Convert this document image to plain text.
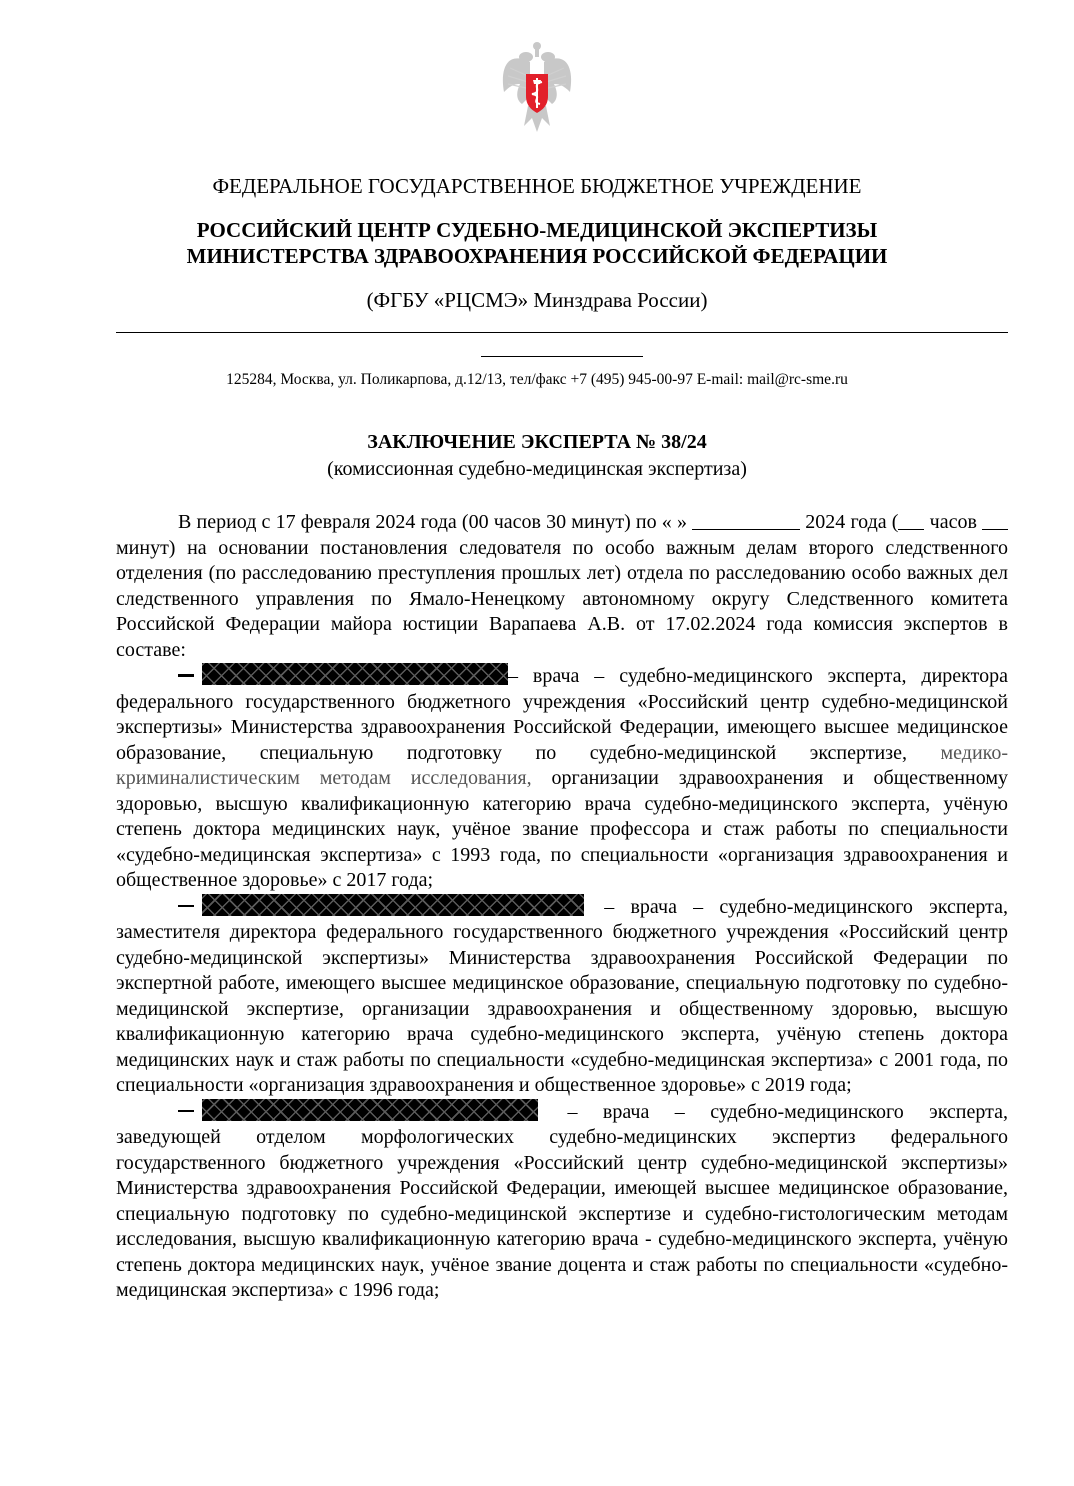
ФЕДЕРАЛЬНОЕ ГОСУДАРСТВЕННОЕ БЮДЖЕТНОЕ УЧРЕЖДЕНИЕ
РОССИЙСКИЙ ЦЕНТР СУДЕБНО-МЕДИЦИНСКОЙ ЭКСПЕРТИЗЫ
МИНИСТЕРСТВА ЗДРАВООХРАНЕНИЯ РОССИЙСКОЙ ФЕДЕРАЦИИ
(ФГБУ «РЦСМЭ» Минздрава России)
125284, Москва, ул. Поликарпова, д.12/13, тел/факс +7 (495) 945-00-97 E-mail: mail@rc-sme.ru
ЗАКЛЮЧЕНИЕ ЭКСПЕРТА № 38/24
(комиссионная судебно-медицинская экспертиза)

В период с 17 февраля 2024 года (00 часов 30 минут) по « »	2024 года ( часов  минут) на основании постановления следователя по особо важным делам второго следственного отделения (по расследованию преступления прошлых лет) отдела по расследованию особо важных дел следственного управления по Ямало-Ненецкому автономному округу Следственного комитета Российской Федерации майора юстиции Варапаева А.В. от 17.02.2024 года комиссия экспертов в составе:

– врача – судебно-медицинского эксперта, директора федерального государственного бюджетного учреждения «Российский центр судебно-медицинской экспертизы» Министерства здравоохранения Российской Федерации, имеющего высшее медицинское образование, специальную подготовку по судебно-медицинской экспертизе, медико-криминалистическим методам исследования, организации здравоохранения и общественному здоровью, высшую квалификационную категорию врача судебно-медицинского эксперта, учёную степень доктора медицинских наук, учёное звание профессора и стаж работы по специальности «судебно-медицинская экспертиза» с 1993 года, по специальности «организация здравоохранения и общественное здоровье» с 2017 года;

– врача – судебно-медицинского эксперта, заместителя директора федерального государственного бюджетного учреждения «Российский центр судебно-медицинской экспертизы» Министерства здравоохранения Российской Федерации по экспертной работе, имеющего высшее медицинское образование, специальную подготовку по судебно-медицинской экспертизе, организации здравоохранения и общественному здоровью, высшую квалификационную категорию врача судебно-медицинского эксперта, учёную степень доктора медицинских наук и стаж работы по специальности «судебно-медицинская экспертиза» с 2001 года, по специальности «организация здравоохранения и общественное здоровье» с 2019 года;

– врача – судебно-медицинского эксперта, заведующей отделом морфологических судебно-медицинских экспертиз федерального государственного бюджетного учреждения «Российский центр судебно-медицинской экспертизы» Министерства здравоохранения Российской Федерации, имеющей высшее медицинское образование, специальную подготовку по судебно-медицинской экспертизе и судебно-гистологическим методам исследования, высшую квалификационную категорию врача - судебно-медицинского эксперта, учёную степень доктора медицинских наук, учёное звание доцента и стаж работы по специальности «судебно-медицинская экспертиза» с 1996 года;
